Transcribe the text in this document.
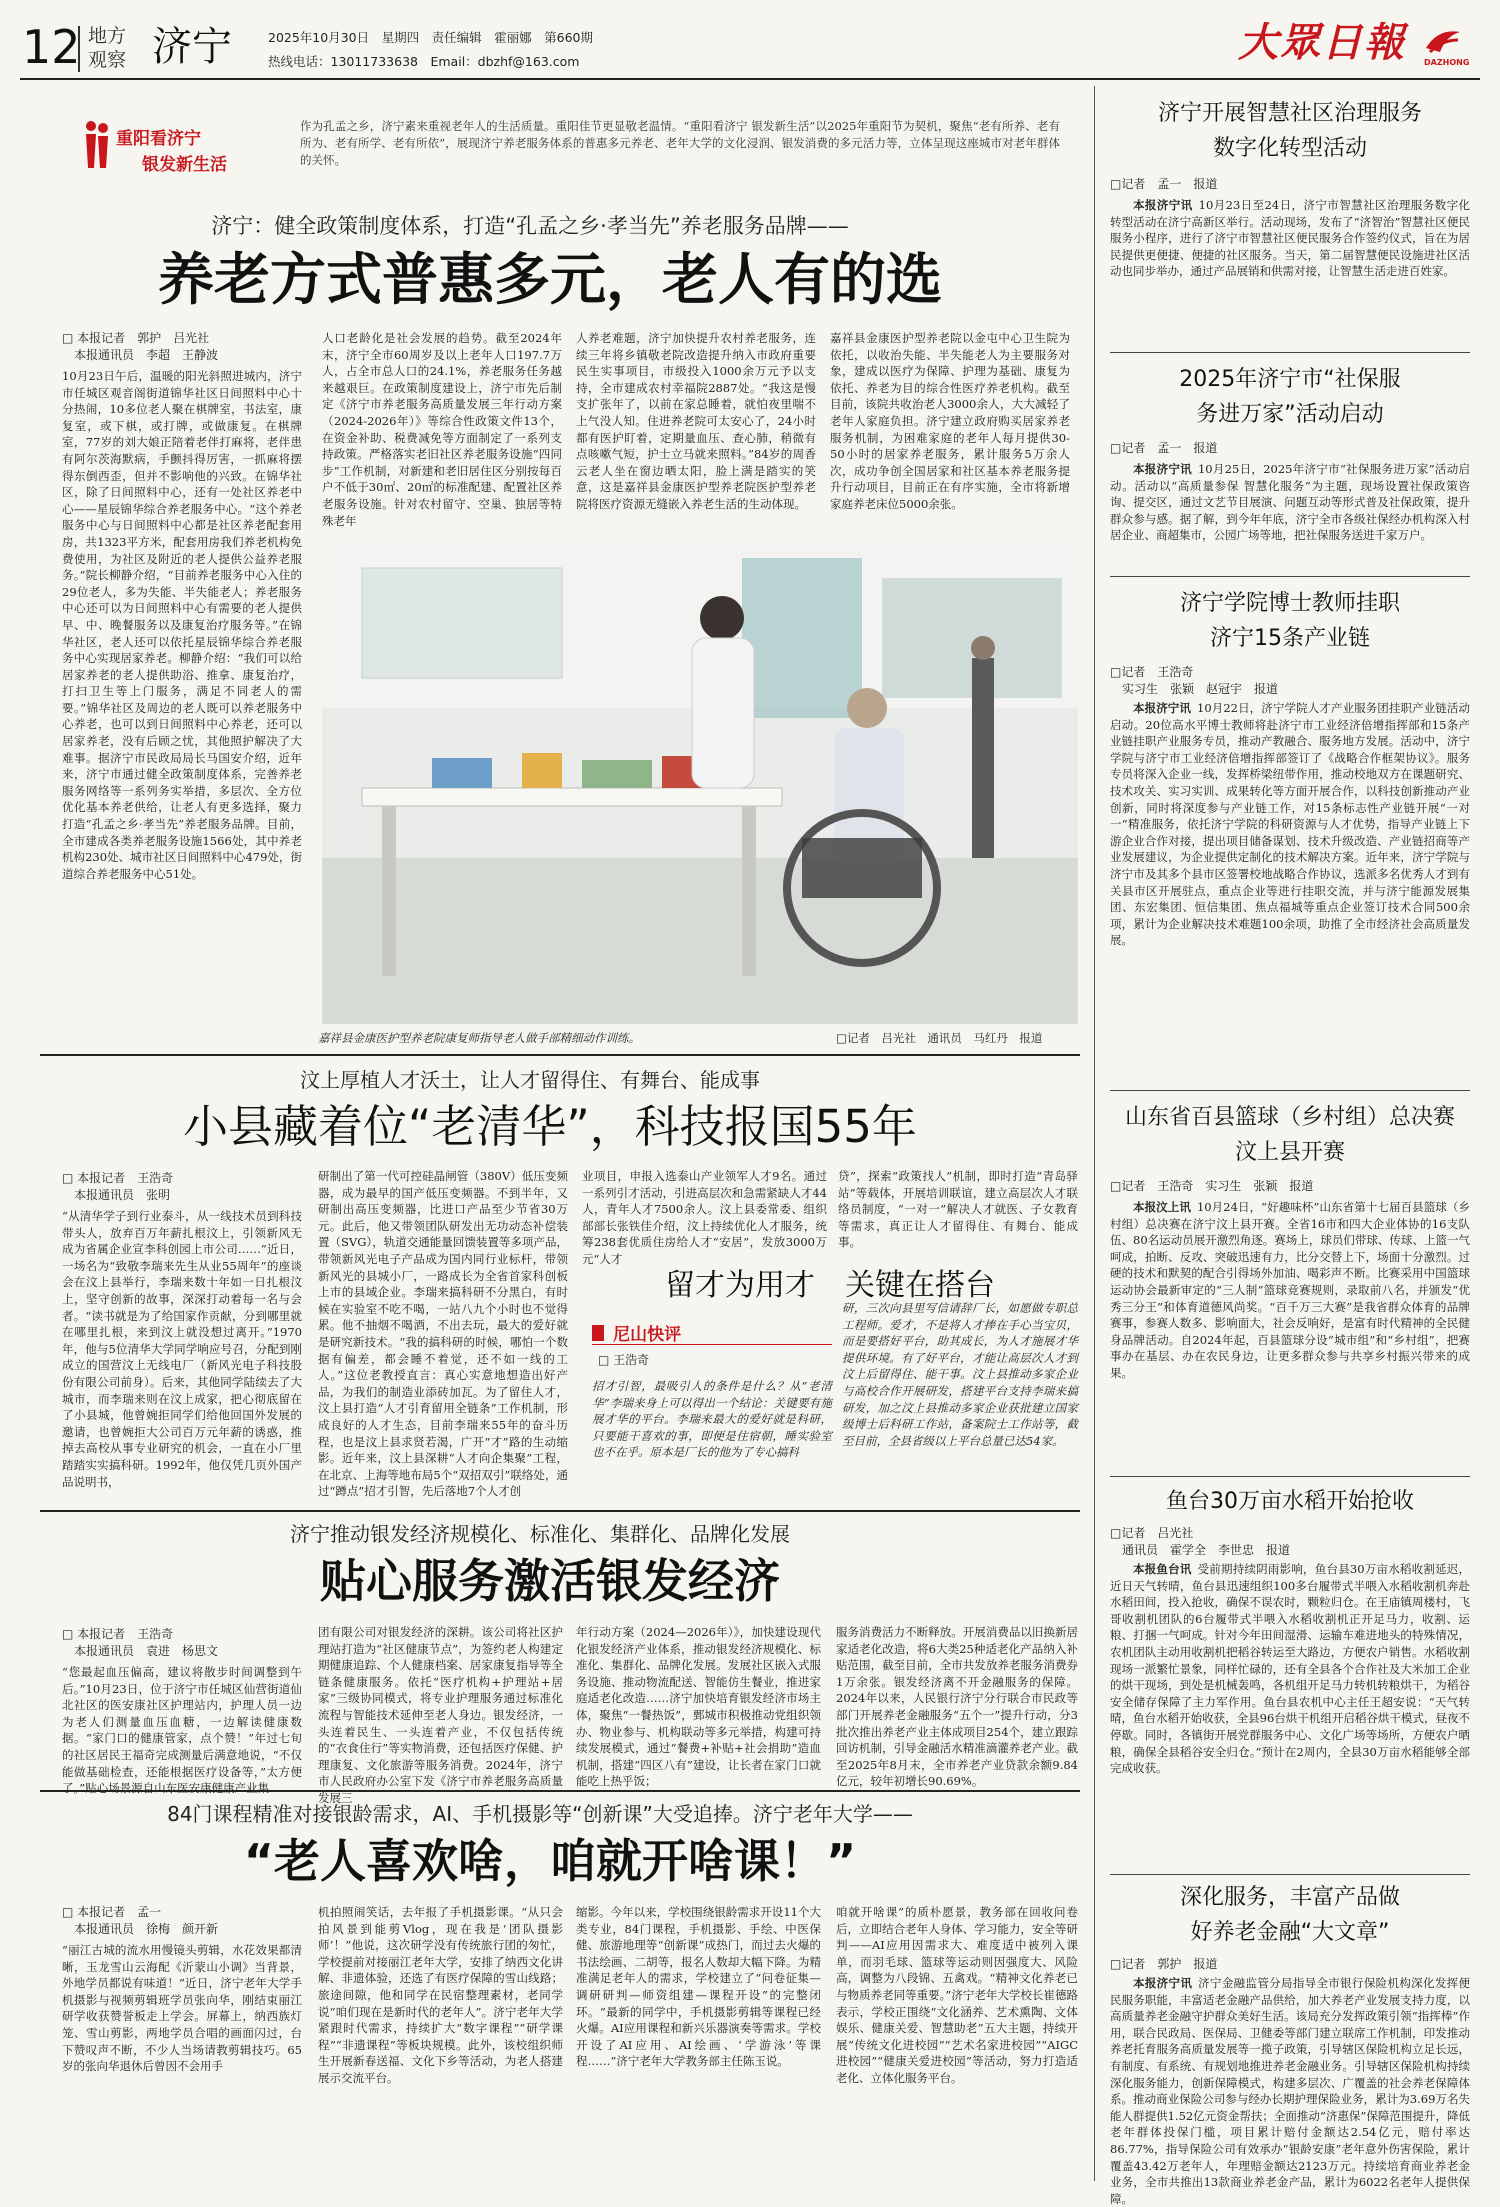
12 地方
观察 济宁	2025年10月30日　星期四　责任编辑　霍丽娜　第660期
热线电话：13011733638　Email：dbzhf@163.com	大眾日報 DAZHONG
重阳看济宁
银发新生活
作为孔孟之乡，济宁素来重视老年人的生活质量。重阳佳节更显敬老温情。“重阳看济宁 银发新生活”以2025年重阳节为契机，聚焦“老有所养、老有所为、老有所学、老有所依”，展现济宁养老服务体系的普惠多元养老、老年大学的文化浸润、银发消费的多元活力等，立体呈现这座城市对老年群体的关怀。
济宁：健全政策制度体系，打造“孔孟之乡·孝当先”养老服务品牌——
养老方式普惠多元，老人有的选
□ 本报记者　郭护　吕光社
　本报通讯员　李超　王静波
10月23日午后，温暖的阳光斜照进城内，济宁市任城区观音阁街道锦华社区日间照料中心十分热闹，10多位老人聚在棋牌室，书法室，康复室，或下棋，或打牌，或做康复。在棋牌室，77岁的刘大娘正陪着老伴打麻将，老伴患有阿尔茨海默病，手颤抖得厉害，一抓麻将摆得东倒西歪，但并不影响他的兴致。在锦华社区，除了日间照料中心，还有一处社区养老中心——星辰锦华综合养老服务中心。“这个养老服务中心与日间照料中心都是社区养老配套用房，共1323平方米，配套用房我们养老机构免费使用，为社区及附近的老人提供公益养老服务。”院长柳静介绍，“目前养老服务中心入住的29位老人，多为失能、半失能老人；养老服务中心还可以为日间照料中心有需要的老人提供早、中、晚餐服务以及康复治疗服务等。”在锦华社区，老人还可以依托星辰锦华综合养老服务中心实现居家养老。柳静介绍：“我们可以给居家养老的老人提供助浴、推拿、康复治疗，打扫卫生等上门服务，满足不同老人的需要。”锦华社区及周边的老人既可以养老服务中心养老，也可以到日间照料中心养老，还可以居家养老，没有后顾之忧，其他照护解决了大难事。据济宁市民政局局长马国安介绍，近年来，济宁市通过健全政策制度体系，完善养老服务网络等一系列务实举措，多层次、全方位优化基本养老供给，让老人有更多选择，聚力打造“孔孟之乡·孝当先”养老服务品牌。目前，全市建成各类养老服务设施1566处，其中养老机构230处、城市社区日间照料中心479处，街道综合养老服务中心51处。
人口老龄化是社会发展的趋势。截至2024年末，济宁全市60周岁及以上老年人口197.7万人，占全市总人口的24.1%，养老服务任务越来越艰巨。在政策制度建设上，济宁市先后制定《济宁市养老服务高质量发展三年行动方案（2024-2026年）》等综合性政策文件13个，在资金补助、税费减免等方面制定了一系列支持政策。严格落实老旧社区养老服务设施“四同步”工作机制，对新建和老旧居住区分别按每百户不低于30㎡、20㎡的标准配建、配置社区养老服务设施。针对农村留守、空巢、独居等特殊老年
人养老难题，济宁加快提升农村养老服务，连续三年将乡镇敬老院改造提升纳入市政府重要民生实事项目，市级投入1000余万元予以支持，全市建成农村幸福院2887处。“我这是慢支扩张年了，以前在家总睡着，就怕夜里喘不上气没人知。住进养老院可太安心了，24小时都有医护盯着，定期量血压、查心肺，稍微有点咳嗽气短，护士立马就来照料。”84岁的周香云老人坐在窗边晒太阳，脸上满是踏实的笑意，这是嘉祥县金康医护型养老院医护型养老院将医疗资源无缝嵌入养老生活的生动体现。
嘉祥县金康医护型养老院以金屯中心卫生院为依托，以收治失能、半失能老人为主要服务对象，建成以医疗为保障、护理为基础、康复为依托、养老为目的综合性医疗养老机构。截至目前，该院共收治老人3000余人，大大减轻了老年人家庭负担。济宁建立政府购买居家养老服务机制，为困难家庭的老年人每月提供30-50小时的居家养老服务，累计服务5万余人次，成功争创全国居家和社区基本养老服务提升行动项目，目前正在有序实施，全市将新增家庭养老床位5000余张。
嘉祥县金康医护型养老院康复师指导老人做手部精细动作训练。	□记者　吕光社　通讯员　马红丹　报道
汶上厚植人才沃土，让人才留得住、有舞台、能成事
小县藏着位“老清华”，科技报国55年
□ 本报记者　王浩奇
　本报通讯员　张明
“从清华学子到行业泰斗，从一线技术员到科技带头人，放弃百万年薪扎根汶上，引领新风无成为省属企业宣李科创园上市公司……”近日，一场名为“致敬李瑞来先生从业55周年”的座谈会在汶上县举行，李瑞来数十年如一日扎根汶上，坚守创新的故事，深深打动着每一名与会者。“读书就是为了给国家作贡献，分到哪里就在哪里扎根，来到汶上就没想过离开。”1970年，他与5位清华大学同学响应号召，分配到刚成立的国营汶上无线电厂（新风光电子科技股份有限公司前身）。后来，其他同学陆续去了大城市，而李瑞来则在汶上成家，把心彻底留在了小县城，他曾婉拒同学们给他回国外发展的邀请，也曾婉拒大公司百万元年薪的诱惑，推掉去高校从事专业研究的机会，一直在小厂里踏踏实实搞科研。1992年，他仅凭几页外国产品说明书，
研制出了第一代可控硅晶闸管（380V）低压变频器，成为最早的国产低压变频器。不到半年，又研制出高压变频器，比进口产品至少节省30万元。此后，他又带领团队研发出无功动态补偿装置（SVG），轨道交通能量回馈装置等多项产品，带领新风光电子产品成为国内同行业标杆，带领新风光的县城小厂，一路成长为全省首家科创板上市的县域企业。李瑞来搞科研不分黑白，有时候在实验室不吃不喝，一站八九个小时也不觉得累。他不抽烟不喝酒，不出去玩，最大的爱好就是研究新技术。“我的搞科研的时候，哪怕一个数据有偏差，都会睡不着觉，还不如一线的工人。”这位老教授直言：真心实意地想造出好产品，为我们的制造业添砖加瓦。为了留住人才，汶上县打造“人才引育留用全链条”工作机制，形成良好的人才生态，目前李瑞来55年的奋斗历程，也是汶上县求贤若渴，广开“才”路的生动缩影。近年来，汶上县深耕“人才向企集聚”工程，在北京、上海等地布局5个“双招双引”联络处，通过“蹲点”招才引智，先后落地7个人才创
业项目，申报入选泰山产业领军人才9名。通过一系列引才活动，引进高层次和急需紧缺人才44人，青年人才7500余人。汶上县委常委、组织部部长张铁佳介绍，汶上持续优化人才服务，统筹238套优质住房给人才“安居”，发放3000万元“人才
贷”，探索“政策找人”机制，即时打造“青岛驿站”等载体，开展培训联谊，建立高层次人才联络员制度，“一对一”解决人才就医、子女教育等需求，真正让人才留得住、有舞台、能成事。
留才为用才　关键在搭台
尼山快评
□ 王浩奇
招才引智，最吸引人的条件是什么？从“老清华”李瑞来身上可以得出一个结论：关键要有施展才华的平台。李瑞来最大的爱好就是科研，只要能干喜欢的事，即便是住宿朝，睡实验室也不在乎。原本是厂长的他为了专心搞科
研，三次向县里写信请辞厂长，如愿做专职总工程师。爱才，不是将人才捧在手心当宝贝，而是要搭好平台，助其成长，为人才施展才华提供环境。有了好平台，才能让高层次人才到汶上后留得住、能干事。汶上县推动多家企业与高校合作开展研发，搭建平台支持李瑞来搞研发，加之汶上县推动多家企业获批建立国家级博士后科研工作站，备案院士工作站等，截至目前，全县省级以上平台总量已达54家。
济宁推动银发经济规模化、标准化、集群化、品牌化发展
贴心服务激活银发经济
□ 本报记者　王浩奇
　本报通讯员　袁进　杨思文
“您最起血压偏高，建议将散步时间调整到午后。”10月23日，位于济宁市任城区仙营街道仙北社区的医安康社区护理站内，护理人员一边为老人们测量血压血糖，一边解读健康数据。“家门口的健康管家，点个赞！”年过七旬的社区居民王福奇完成测量后满意地说，“不仅能做基础检查，还能根据医疗设备等，”太方便了。”贴心场景源自山东医安康健康产业集
团有限公司对银发经济的深耕。该公司将社区护理站打造为“社区健康节点”，为签约老人构建定期健康追踪、个人健康档案、居家康复指导等全链条健康服务。依托“医疗机构+护理站+居家”三级协同模式，将专业护理服务通过标准化流程与智能技术延伸至老人身边。银发经济，一头连着民生、一头连着产业，不仅包括传统的“衣食住行”等实物消费，还包括医疗保健、护理康复、文化旅游等服务消费。2024年，济宁市人民政府办公室下发《济宁市养老服务高质量发展三
年行动方案（2024—2026年）》，加快建设现代化银发经济产业体系，推动银发经济规模化、标准化、集群化、品牌化发展。发展社区嵌入式服务设施、推动物流配送、智能仿生餐业，推进家庭适老化改造……济宁加快培育银发经济市场主体，聚焦“一餐热饭”，鄄城市积极推动党组织领办、物业参与、机构联动等多元举措，构建可持续发展模式，通过“餐费+补贴+社会捐助”造血机制，搭建“四区八有”建设，让长者在家门口就能吃上热乎饭；
服务消费活力不断释放。开展消费品以旧换新居家适老化改造，将6大类25种适老化产品纳入补贴范围，截至目前，全市共发放养老服务消费券1万余张。银发经济离不开金融服务的保障。2024年以来，人民银行济宁分行联合市民政等部门开展养老金融服务“五个一”提升行动，分3批次推出养老产业主体成项目254个，建立跟踪回访机制，引导金融活水精准滴灌养老产业。截至2025年8月末，全市养老产业贷款余额9.84亿元，较年初增长90.69%。
84门课程精准对接银龄需求，AI、手机摄影等“创新课”大受追捧。济宁老年大学——
“老人喜欢啥，咱就开啥课！”
□ 本报记者　孟一
　本报通讯员　徐梅　颜开新
“丽江古城的流水用慢镜头剪辑，水花效果都清晰，玉龙雪山云海配《沂蒙山小调》当背景，外地学员都说有味道！”近日，济宁老年大学手机摄影与视频剪辑班学员张向华，刚结束丽江研学收获赞誉板走上学会。屏幕上，纳西族灯笼、雪山剪影，两地学员合唱的画面闪过，台下赞叹声不断，不少人当场请教剪辑技巧。65岁的张向华退休后曾因不会用手
机拍照闹笑话，去年报了手机摄影课。“从只会拍风景到能剪Vlog，现在我是‘团队摄影师’！”他说，这次研学没有传统旅行团的匆忙，学校提前对接丽江老年大学，安排了纳西文化讲解、非遗体验，还选了有医疗保障的雪山线路；旅途间隙，他和同学在民宿整理素材，老同学说“咱们现在是新时代的老年人”。济宁老年大学紧跟时代需求，持续扩大“数字课程”“研学课程”“非遗课程”等板块规模。此外，该校组织师生开展新春送福、文化下乡等活动，为老人搭建展示交流平台。
缩影。今年以来，学校围绕银龄需求开设11个大类专业，84门课程，手机摄影、手绘、中医保健、旅游地理等“创新课”成热门，而过去火爆的书法绘画、二胡等，报名人数却大幅下降。为精准满足老年人的需求，学校建立了“问卷征集—调研研判—师资组建—课程开设”的完整闭环。“最新的同学中，手机摄影剪辑等课程已经火爆。AI应用课程和新兴乐器演奏等需求。学校开设了AI应用、AI绘画、‘学游泳’等课程……”济宁老年大学教务部主任陈玉说。
咱就开啥课”的质朴愿景，教务部在回收问卷后，立即结合老年人身体、学习能力，安全等研判——AI应用因需求大、难度适中被列入课单，而羽毛球、篮球等运动则因强度大、风险高，调整为八段锦、五禽戏。“精神文化养老已与物质养老同等重要。”济宁老年大学校长崔德路表示，学校正围绕“文化涵养、艺术熏陶、文体娱乐、健康关爱、智慧助老”五大主题，持续开展“传统文化进校园”“艺术名家进校园”“AIGC进校园”“健康关爱进校园”等活动，努力打造适老化、立体化服务平台。
济宁开展智慧社区治理服务数字化转型活动
□记者　孟一　报道
本报济宁讯 10月23日至24日，济宁市智慧社区治理服务数字化转型活动在济宁高新区举行。活动现场，发布了“济智治”智慧社区便民服务小程序，进行了济宁市智慧社区便民服务合作签约仪式，旨在为居民提供更便捷、便捷的社区服务。当天，第二届智慧便民设施进社区活动也同步举办，通过产品展销和供需对接，让智慧生活走进百姓家。
2025年济宁市“社保服务进万家”活动启动
□记者　孟一　报道
本报济宁讯 10月25日，2025年济宁市“社保服务进万家”活动启动。活动以“高质量参保 智慧化服务”为主题，现场设置社保政策咨询、提交区，通过文艺节目展演、问题互动等形式普及社保政策，提升群众参与感。据了解，到今年年底，济宁全市各级社保经办机构深入村居企业、商超集市，公园广场等地，把社保服务送进千家万户。
济宁学院博士教师挂职济宁15条产业链
□记者　王浩奇
　实习生　张颖　赵冠宇　报道
本报济宁讯 10月22日，济宁学院人才产业服务团挂职产业链活动启动。20位高水平博士教师将赴济宁市工业经济倍增指挥部和15条产业链挂职产业服务专员，推动产教融合、服务地方发展。活动中，济宁学院与济宁市工业经济倍增指挥部签订了《战略合作框架协议》。服务专员将深入企业一线，发挥桥梁纽带作用，推动校地双方在课题研究、技术攻关、实习实训、成果转化等方面开展合作，以科技创新推动产业创新，同时将深度参与产业链工作，对15条标志性产业链开展“一对一”精准服务，依托济宁学院的科研资源与人才优势，指导产业链上下游企业合作对接，提出项目储备谋划、技术升级改造、产业链招商等产业发展建议，为企业提供定制化的技术解决方案。近年来，济宁学院与济宁市及其多个县市区签署校地战略合作协议，选派多名优秀人才到有关县市区开展驻点，重点企业等进行挂职交流，并与济宁能源发展集团、东宏集团、恒信集团、焦点福城等重点企业签订技术合同500余项，累计为企业解决技术难题100余项，助推了全市经济社会高质量发展。
山东省百县篮球（乡村组）总决赛汶上县开赛
□记者　王浩奇　实习生　张颖　报道
本报汶上讯 10月24日，“好趣味杯”山东省第十七届百县篮球（乡村组）总决赛在济宁汶上县开赛。全省16市和四大企业体协的16支队伍、80名运动员展开激烈角逐。赛场上，球员们带球、传球、上篮一气呵成，拍断、反攻、突破迅速有力，比分交替上下，场面十分激烈。过硬的技术和默契的配合引得场外加油、喝彩声不断。比赛采用中国篮球运动协会最新审定的“三人制”篮球竞赛规则，录取前八名，并颁发“优秀三分王”和体育道德风尚奖。“百千万三大赛”是我省群众体育的品牌赛事，参赛人数多、影响面大，社会反响好，是富有时代精神的全民健身品牌活动。自2024年起，百县篮球分设“城市组”和“乡村组”，把赛事办在基层、办在农民身边，让更多群众参与共享乡村振兴带来的成果。
鱼台30万亩水稻开始抢收
□记者　吕光社
　通讯员　霍学全　李世忠　报道
本报鱼台讯 受前期持续阴雨影响，鱼台县30万亩水稻收割延迟，近日天气转晴，鱼台县迅速组织100多台履带式半喂入水稻收割机奔赴水稻田间，投入抢收，确保不误农时，颗粒归仓。在王庙镇周楼村，飞哥收割机团队的6台履带式半喂入水稻收割机正开足马力，收割、运粮、打捆一气呵成。针对今年田间湿滑、运输车难进地头的特殊情况，农机团队主动用收割机把稻谷转运至大路边，方便农户销售。水稻收割现场一派繁忙景象，同样忙碌的，还有全县各个合作社及大米加工企业的烘干现场，到处是机械轰鸣，各机组开足马力转机转粮烘干，为稻谷安全储存保障了主力军作用。鱼台县农机中心主任王超安说：“天气转晴，鱼台水稻开始收获，全县96台烘干机组开启稻谷烘干模式，昼夜不停歇。同时，各镇街开展党群服务中心、文化广场等场所，方便农户晒粮，确保全县稻谷安全归仓。”预计在2周内，全县30万亩水稻能够全部完成收获。
深化服务，丰富产品做好养老金融“大文章”
□记者　郭护　报道
本报济宁讯 济宁金融监管分局指导全市银行保险机构深化发挥便民服务职能，丰富适老金融产品供给，加大养老产业发展支持力度，以高质量养老金融守护群众美好生活。该局充分发挥政策引领“指挥棒”作用，联合民政局、医保局、卫健委等部门建立联席工作机制，印发推动养老托育服务高质量发展等一揽子政策，引导辖区保险机构立足长远，有制度、有系统、有规划地推进养老金融业务。引导辖区保险机构持续深化服务能力，创新保障模式，构建多层次、广覆盖的社会养老保障体系。推动商业保险公司参与经办长期护理保险业务，累计为3.69万名失能人群提供1.52亿元资金帮扶；全面推动“济惠保”保障范围提升，降低老年群体投保门槛，项目累计赔付金额达2.54亿元，赔付率达86.77%，指导保险公司有效承办“银龄安康”老年意外伤害保险，累计覆盖43.42万老年人，年理赔金额达2123万元。持续培育商业养老金业务，全市共推出13款商业养老金产品，累计为6022名老年人提供保障。
